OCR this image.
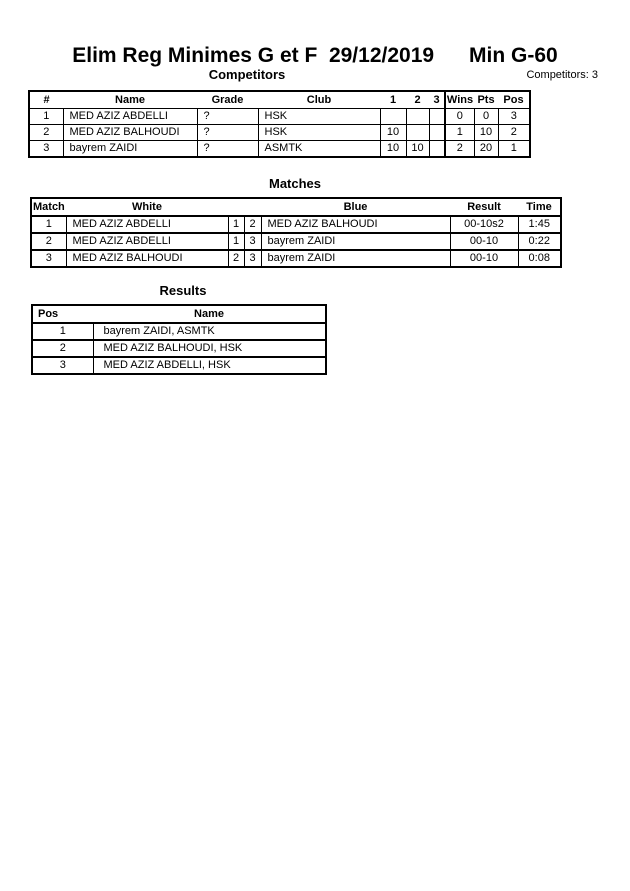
Elim Reg Minimes G et F  29/12/2019      Min G-60
Competitors	Competitors: 3
#	Name	Grade	Club	1	2	3	Wins	Pts	Pos
1	MED AZIZ ABDELLI	?	HSK				0	0	3
2	MED AZIZ BALHOUDI	?	HSK	10			1	10	2
3	bayrem ZAIDI	?	ASMTK	10	10		2	20	1
Matches
Match	White			Blue	Result	Time
1	MED AZIZ ABDELLI	1	2	MED AZIZ BALHOUDI	00-10s2	1:45
2	MED AZIZ ABDELLI	1	3	bayrem ZAIDI	00-10	0:22
3	MED AZIZ BALHOUDI	2	3	bayrem ZAIDI	00-10	0:08
Results
Pos	Name
1	bayrem ZAIDI, ASMTK
2	MED AZIZ BALHOUDI, HSK
3	MED AZIZ ABDELLI, HSK
